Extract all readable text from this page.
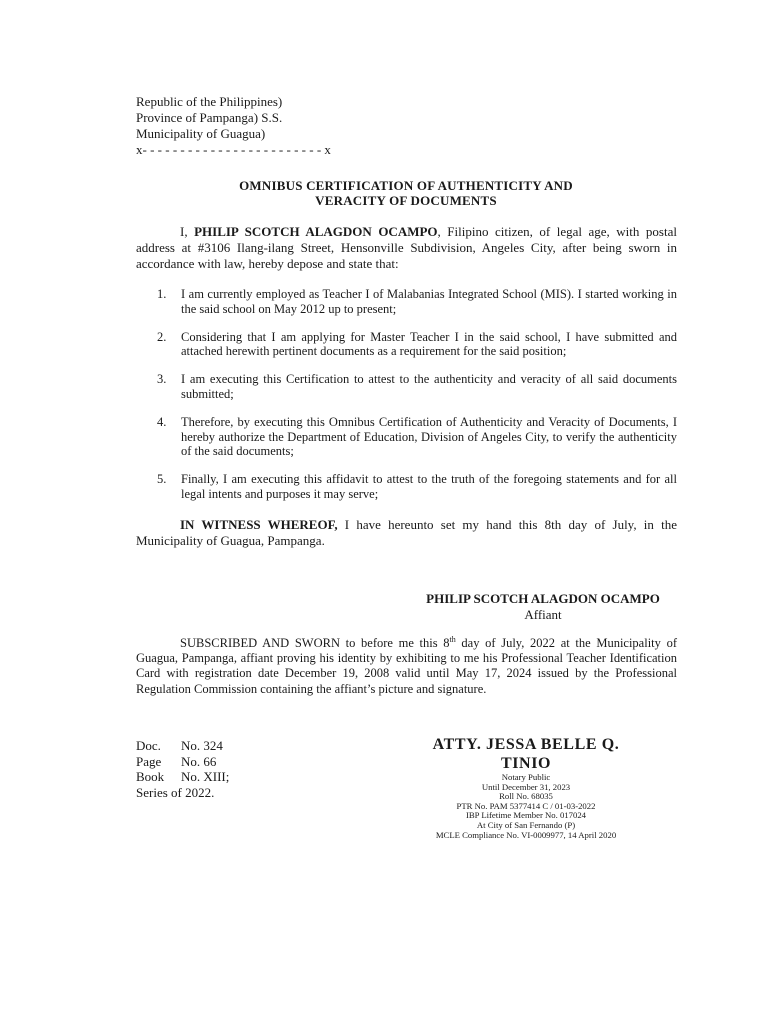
Republic of the Philippines)
Province of Pampanga) S.S.
Municipality of Guagua)
x- - - - - - - - - - - - - - - - - - - - - - - - x
OMNIBUS CERTIFICATION OF AUTHENTICITY AND
VERACITY OF DOCUMENTS

I, PHILIP SCOTCH ALAGDON OCAMPO, Filipino citizen, of legal age, with postal address at #3106 Ilang-ilang Street, Hensonville Subdivision, Angeles City, after being sworn in accordance with law, hereby depose and state that:

1. I am currently employed as Teacher I of Malabanias Integrated School (MIS). I started working in the said school on May 2012 up to present;
2. Considering that I am applying for Master Teacher I in the said school, I have submitted and attached herewith pertinent documents as a requirement for the said position;
3. I am executing this Certification to attest to the authenticity and veracity of all said documents submitted;
4. Therefore, by executing this Omnibus Certification of Authenticity and Veracity of Documents, I hereby authorize the Department of Education, Division of Angeles City, to verify the authenticity of the said documents;
5. Finally, I am executing this affidavit to attest to the truth of the foregoing statements and for all legal intents and purposes it may serve;

IN WITNESS WHEREOF, I have hereunto set my hand this 8th day of July, in the Municipality of Guagua, Pampanga.

PHILIP SCOTCH ALAGDON OCAMPO
Affiant

SUBSCRIBED AND SWORN to before me this 8th day of July, 2022 at the Municipality of Guagua, Pampanga, affiant proving his identity by exhibiting to me his Professional Teacher Identification Card with registration date December 19, 2008 valid until May 17, 2024 issued by the Professional Regulation Commission containing the affiant’s picture and signature.

Doc. No. 324
Page No. 66
Book No. XIII;
Series of 2022.
ATTY. JESSA BELLE Q.
TINIO
Notary Public
Until December 31, 2023
Roll No. 68035
PTR No. PAM 5377414 C / 01-03-2022
IBP Lifetime Member No. 017024
At City of San Fernando (P)
MCLE Compliance No. VI-0009977, 14 April 2020
